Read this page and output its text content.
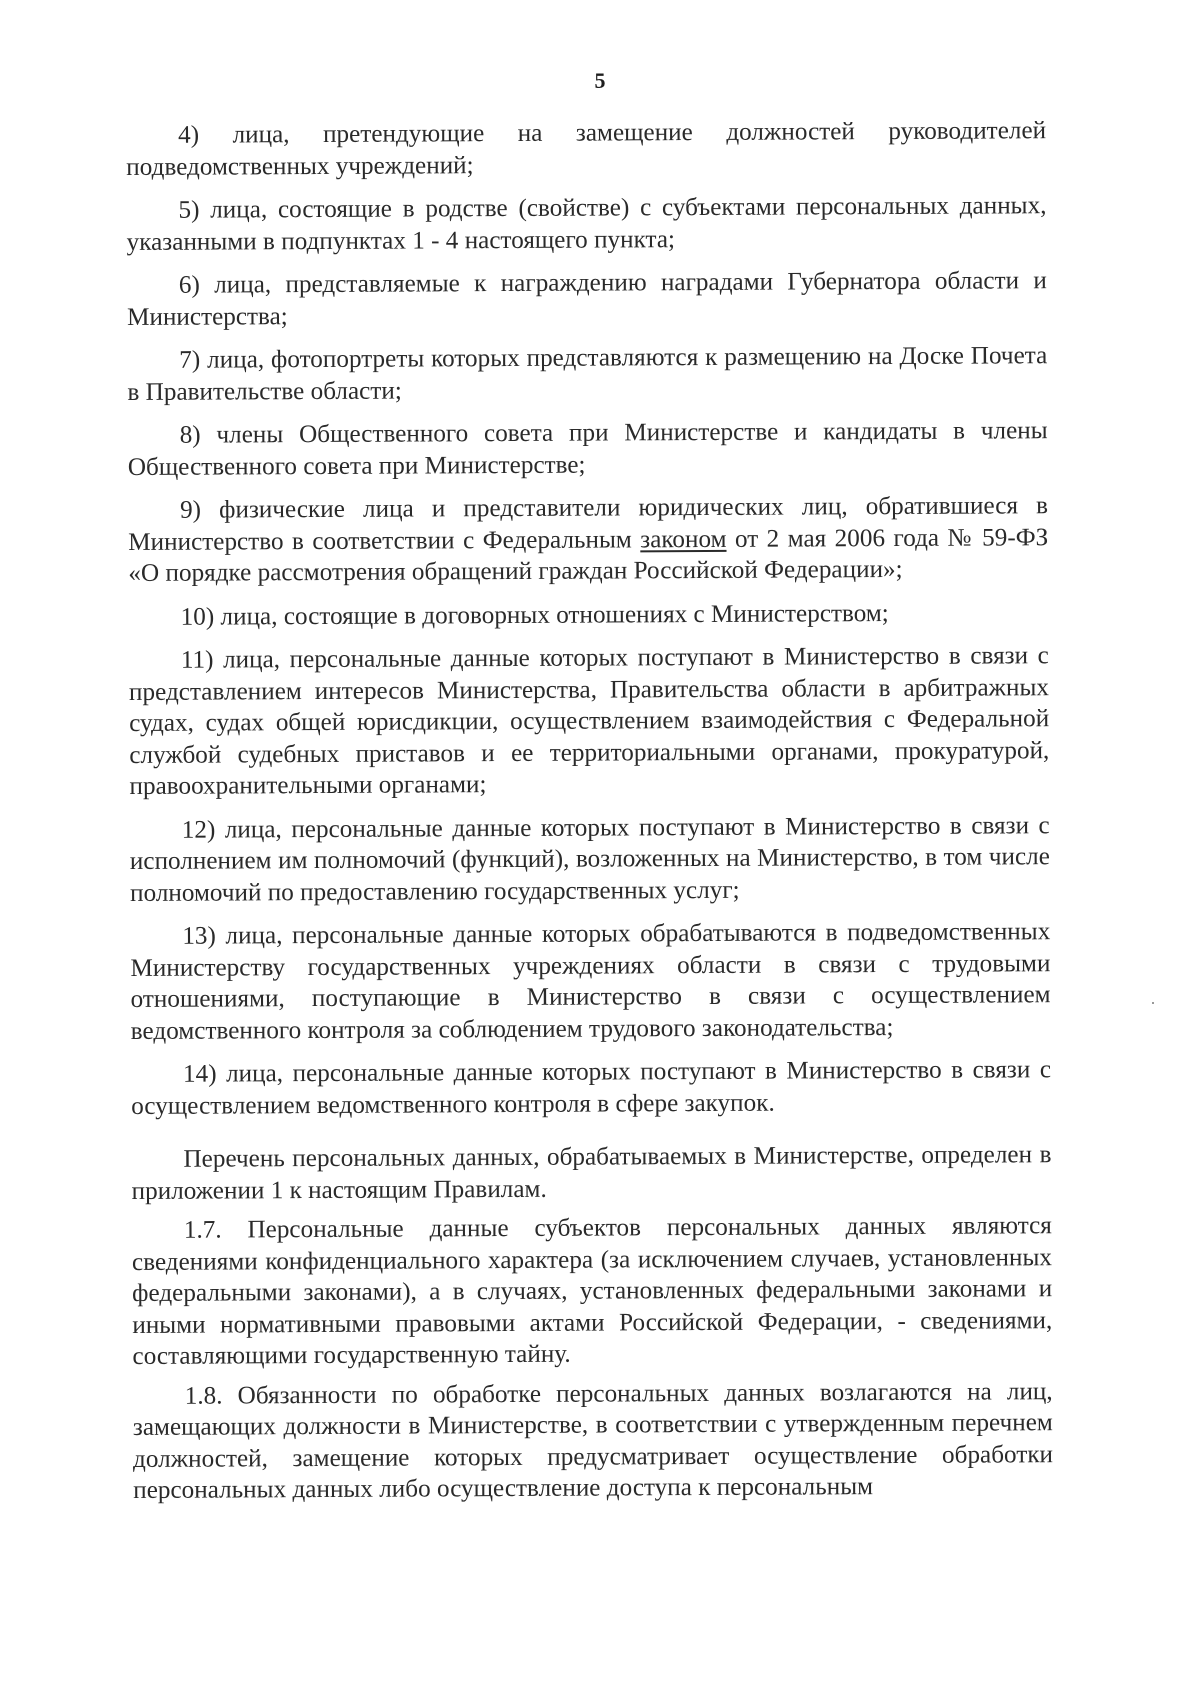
5

4) лица, претендующие на замещение должностей руководителей подведомственных учреждений;

5) лица, состоящие в родстве (свойстве) с субъектами персональных данных, указанными в подпунктах 1 - 4 настоящего пункта;

6) лица, представляемые к награждению наградами Губернатора области и Министерства;

7) лица, фотопортреты которых представляются к размещению на Доске Почета в Правительстве области;

8) члены Общественного совета при Министерстве и кандидаты в члены Общественного совета при Министерстве;

9) физические лица и представители юридических лиц, обратившиеся в Министерство в соответствии с Федеральным законом от 2 мая 2006 года № 59-ФЗ «О порядке рассмотрения обращений граждан Российской Федерации»;

10) лица, состоящие в договорных отношениях с Министерством;

11) лица, персональные данные которых поступают в Министерство в связи с представлением интересов Министерства, Правительства области в арбитражных судах, судах общей юрисдикции, осуществлением взаимодействия с Федеральной службой судебных приставов и ее территориальными органами, прокуратурой, правоохранительными органами;

12) лица, персональные данные которых поступают в Министерство в связи с исполнением им полномочий (функций), возложенных на Министерство, в том числе полномочий по предоставлению государственных услуг;

13) лица, персональные данные которых обрабатываются в подведомственных Министерству государственных учреждениях области в связи с трудовыми отношениями, поступающие в Министерство в связи с осуществлением ведомственного контроля за соблюдением трудового законодательства;

14) лица, персональные данные которых поступают в Министерство в связи с осуществлением ведомственного контроля в сфере закупок.

Перечень персональных данных, обрабатываемых в Министерстве, определен в приложении 1 к настоящим Правилам.

1.7. Персональные данные субъектов персональных данных являются сведениями конфиденциального характера (за исключением случаев, установленных федеральными законами), а в случаях, установленных федеральными законами и иными нормативными правовыми актами Российской Федерации, - сведениями, составляющими государственную тайну.

1.8. Обязанности по обработке персональных данных возлагаются на лиц, замещающих должности в Министерстве, в соответствии с утвержденным перечнем должностей, замещение которых предусматривает осуществление обработки персональных данных либо осуществление доступа к персональным
